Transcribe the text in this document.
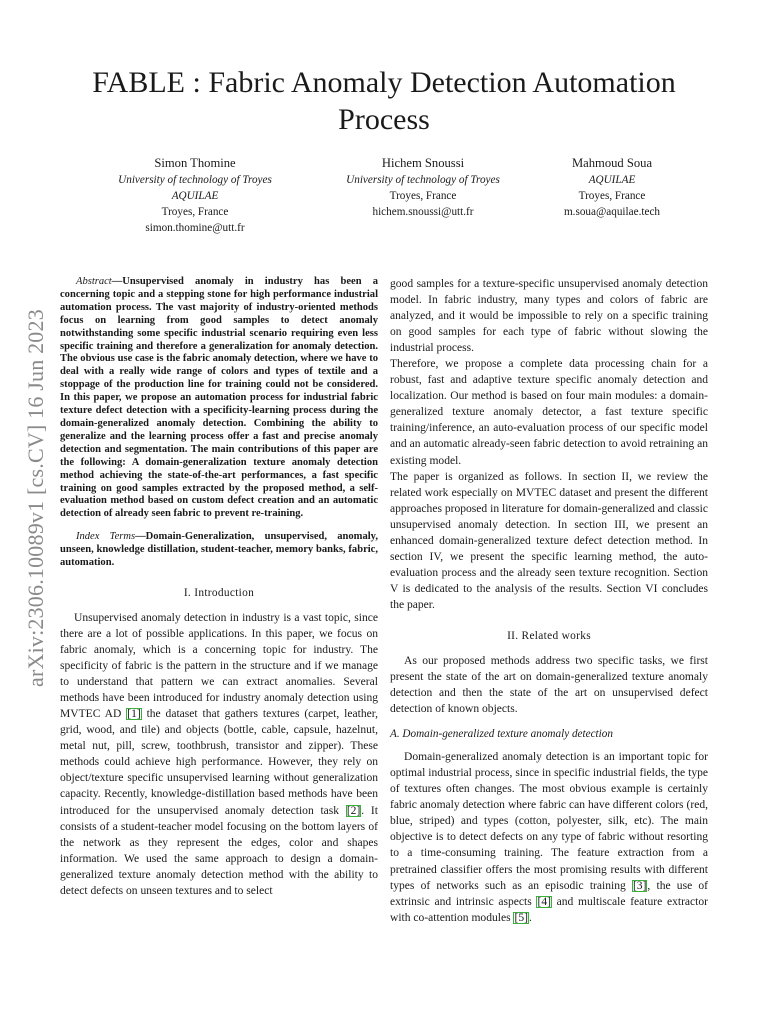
arXiv:2306.10089v1 [cs.CV] 16 Jun 2023
FABLE : Fabric Anomaly Detection Automation Process
Simon Thomine
University of technology of Troyes
AQUILAE
Troyes, France
simon.thomine@utt.fr
Hichem Snoussi
University of technology of Troyes
Troyes, France
hichem.snoussi@utt.fr
Mahmoud Soua
AQUILAE
Troyes, France
m.soua@aquilae.tech

Abstract—Unsupervised anomaly in industry has been a concerning topic and a stepping stone for high performance industrial automation process. The vast majority of industry-oriented methods focus on learning from good samples to detect anomaly notwithstanding some specific industrial scenario requiring even less specific training and therefore a generalization for anomaly detection. The obvious use case is the fabric anomaly detection, where we have to deal with a really wide range of colors and types of textile and a stoppage of the production line for training could not be considered. In this paper, we propose an automation process for industrial fabric texture defect detection with a specificity-learning process during the domain-generalized anomaly detection. Combining the ability to generalize and the learning process offer a fast and precise anomaly detection and segmentation. The main contributions of this paper are the following: A domain-generalization texture anomaly detection method achieving the state-of-the-art performances, a fast specific training on good samples extracted by the proposed method, a self-evaluation method based on custom defect creation and an automatic detection of already seen fabric to prevent re-training.

Index Terms—Domain-Generalization, unsupervised, anomaly, unseen, knowledge distillation, student-teacher, memory banks, fabric, automation.

I. Introduction

Unsupervised anomaly detection in industry is a vast topic, since there are a lot of possible applications. In this paper, we focus on fabric anomaly, which is a concerning topic for industry. The specificity of fabric is the pattern in the structure and if we manage to understand that pattern we can extract anomalies. Several methods have been introduced for industry anomaly detection using MVTEC AD [1] the dataset that gathers textures (carpet, leather, grid, wood, and tile) and objects (bottle, cable, capsule, hazelnut, metal nut, pill, screw, toothbrush, transistor and zipper). These methods could achieve high performance. However, they rely on object/texture specific unsupervised learning without generalization capacity. Recently, knowledge-distillation based methods have been introduced for the unsupervised anomaly detection task [2]. It consists of a student-teacher model focusing on the bottom layers of the network as they represent the edges, color and shapes information. We used the same approach to design a domain-generalized texture anomaly detection method with the ability to detect defects on unseen textures and to select

good samples for a texture-specific unsupervised anomaly detection model. In fabric industry, many types and colors of fabric are analyzed, and it would be impossible to rely on a specific training on good samples for each type of fabric without slowing the industrial process.

Therefore, we propose a complete data processing chain for a robust, fast and adaptive texture specific anomaly detection and localization. Our method is based on four main modules: a domain-generalized texture anomaly detector, a fast texture specific training/inference, an auto-evaluation process of our specific model and an automatic already-seen fabric detection to avoid retraining an existing model.

The paper is organized as follows. In section II, we review the related work especially on MVTEC dataset and present the different approaches proposed in literature for domain-generalized and classic unsupervised anomaly detection. In section III, we present an enhanced domain-generalized texture defect detection method. In section IV, we present the specific learning method, the auto-evaluation process and the already seen texture recognition. Section V is dedicated to the analysis of the results. Section VI concludes the paper.

II. Related works

As our proposed methods address two specific tasks, we first present the state of the art on domain-generalized texture anomaly detection and then the state of the art on unsupervised defect detection of known objects.

A. Domain-generalized texture anomaly detection

Domain-generalized anomaly detection is an important topic for optimal industrial process, since in specific industrial fields, the type of textures often changes. The most obvious example is certainly fabric anomaly detection where fabric can have different colors (red, blue, striped) and types (cotton, polyester, silk, etc). The main objective is to detect defects on any type of fabric without resorting to a time-consuming training. The feature extraction from a pretrained classifier offers the most promising results with different types of networks such as an episodic training [3], the use of extrinsic and intrinsic aspects [4] and multiscale feature extractor with co-attention modules [5].
